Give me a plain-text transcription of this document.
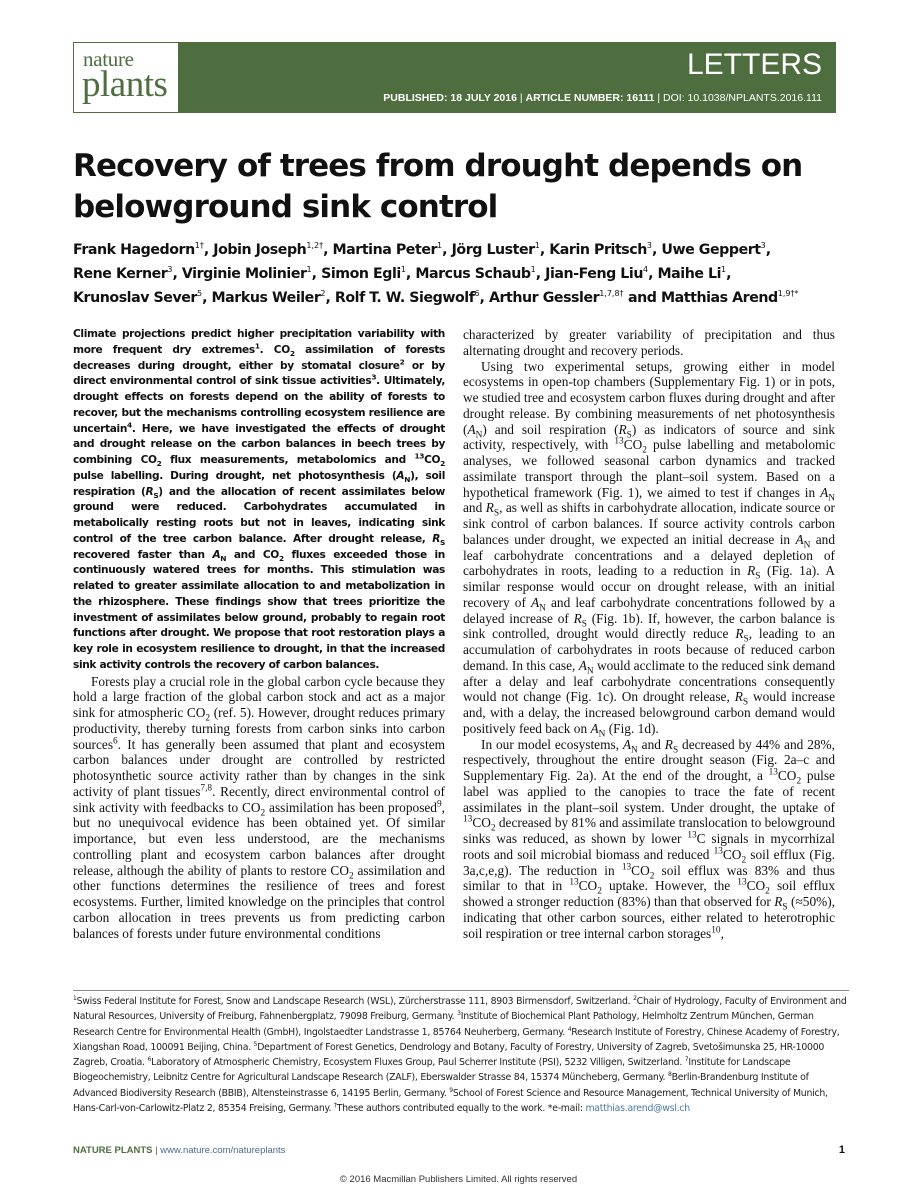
nature
plants	LETTERS
PUBLISHED: 18 JULY 2016 | ARTICLE NUMBER: 16111 | DOI: 10.1038/NPLANTS.2016.111
Recovery of trees from drought depends on
belowground sink control
Frank Hagedorn$^{1\dagger}$, Jobin Joseph$^{1,2\dagger}$, Martina Peter$^1$, Jörg Luster$^1$, Karin Pritsch$^3$, Uwe Geppert$^3$,
Rene Kerner$^3$, Virginie Molinier$^1$, Simon Egli$^1$, Marcus Schaub$^1$, Jian-Feng Liu$^4$, Maihe Li$^1$,
Krunoslav Sever$^5$, Markus Weiler$^2$, Rolf T. W. Siegwolf$^6$, Arthur Gessler$^{1,7,8\dagger}$ and Matthias Arend$^{1,9\dagger*}$

Climate projections predict higher precipitation variability with more frequent dry extremes$^1$. $CO_2$ assimilation of forests decreases during drought, either by stomatal closure$^2$ or by direct environmental control of sink tissue activities$^3$. Ultimately, drought effects on forests depend on the ability of forests to recover, but the mechanisms controlling ecosystem resilience are uncertain$^4$. Here, we have investigated the effects of drought and drought release on the carbon balances in beech trees by combining $CO_2$ flux measurements, metabolomics and $^{13}CO_2$ pulse labelling. During drought, net photosynthesis $(A_N)$, soil respiration $(R_S)$ and the allocation of recent assimilates below ground were reduced. Carbohydrates accumulated in metabolically resting roots but not in leaves, indicating sink control of the tree carbon balance. After drought release, $R_S$ recovered faster than $A_N$ and $CO_2$ fluxes exceeded those in continuously watered trees for months. This stimulation was related to greater assimilate allocation to and metabolization in the rhizosphere. These findings show that trees prioritize the investment of assimilates below ground, probably to regain root functions after drought. We propose that root restoration plays a key role in ecosystem resilience to drought, in that the increased sink activity controls the recovery of carbon balances.

Forests play a crucial role in the global carbon cycle because they hold a large fraction of the global carbon stock and act as a major sink for atmospheric $CO_2$ (ref. 5). However, drought reduces primary productivity, thereby turning forests from carbon sinks into carbon sources$^6$. It has generally been assumed that plant and ecosystem carbon balances under drought are controlled by restricted photosynthetic source activity rather than by changes in the sink activity of plant tissues$^{7,8}$. Recently, direct environmental control of sink activity with feedbacks to $CO_2$ assimilation has been proposed$^9$, but no unequivocal evidence has been obtained yet. Of similar importance, but even less understood, are the mechanisms controlling plant and ecosystem carbon balances after drought release, although the ability of plants to restore $CO_2$ assimilation and other functions determines the resilience of trees and forest ecosystems. Further, limited knowledge on the principles that control carbon allocation in trees prevents us from predicting carbon balances of forests under future environmental conditions

characterized by greater variability of precipitation and thus alternating drought and recovery periods.

Using two experimental setups, growing either in model ecosystems in open-top chambers (Supplementary Fig. 1) or in pots, we studied tree and ecosystem carbon fluxes during drought and after drought release. By combining measurements of net photosynthesis $(A_N)$ and soil respiration $(R_S)$ as indicators of source and sink activity, respectively, with $^{13}CO_2$ pulse labelling and metabolomic analyses, we followed seasonal carbon dynamics and tracked assimilate transport through the plant–soil system. Based on a hypothetical framework (Fig. 1), we aimed to test if changes in $A_N$ and $R_S$, as well as shifts in carbohydrate allocation, indicate source or sink control of carbon balances. If source activity controls carbon balances under drought, we expected an initial decrease in $A_N$ and leaf carbohydrate concentrations and a delayed depletion of carbohydrates in roots, leading to a reduction in $R_S$ (Fig. 1a). A similar response would occur on drought release, with an initial recovery of $A_N$ and leaf carbohydrate concentrations followed by a delayed increase of $R_S$ (Fig. 1b). If, however, the carbon balance is sink controlled, drought would directly reduce $R_S$, leading to an accumulation of carbohydrates in roots because of reduced carbon demand. In this case, $A_N$ would acclimate to the reduced sink demand after a delay and leaf carbohydrate concentrations consequently would not change (Fig. 1c). On drought release, $R_S$ would increase and, with a delay, the increased belowground carbon demand would positively feed back on $A_N$ (Fig. 1d).

In our model ecosystems, $A_N$ and $R_S$ decreased by 44% and 28%, respectively, throughout the entire drought season (Fig. 2a–c and Supplementary Fig. 2a). At the end of the drought, a $^{13}CO_2$ pulse label was applied to the canopies to trace the fate of recent assimilates in the plant–soil system. Under drought, the uptake of $^{13}CO_2$ decreased by 81% and assimilate translocation to belowground sinks was reduced, as shown by lower $^{13}$C signals in mycorrhizal roots and soil microbial biomass and reduced $^{13}CO_2$ soil efflux (Fig. 3a,c,e,g). The reduction in $^{13}CO_2$ soil efflux was 83% and thus similar to that in $^{13}CO_2$ uptake. However, the $^{13}CO_2$ soil efflux showed a stronger reduction (83%) than that observed for $R_S$ (≈50%), indicating that other carbon sources, either related to heterotrophic soil respiration or tree internal carbon storages$^{10}$,

$^1$Swiss Federal Institute for Forest, Snow and Landscape Research (WSL), Zürcherstrasse 111, 8903 Birmensdorf, Switzerland. $^2$Chair of Hydrology, Faculty of Environment and Natural Resources, University of Freiburg, Fahnenbergplatz, 79098 Freiburg, Germany. $^3$Institute of Biochemical Plant Pathology, Helmholtz Zentrum München, German Research Centre for Environmental Health (GmbH), Ingolstaedter Landstrasse 1, 85764 Neuherberg, Germany. $^4$Research Institute of Forestry, Chinese Academy of Forestry, Xiangshan Road, 100091 Beijing, China. $^5$Department of Forest Genetics, Dendrology and Botany, Faculty of Forestry, University of Zagreb, Svetošimunska 25, HR-10000 Zagreb, Croatia. $^6$Laboratory of Atmospheric Chemistry, Ecosystem Fluxes Group, Paul Scherrer Institute (PSI), 5232 Villigen, Switzerland. $^7$Institute for Landscape Biogeochemistry, Leibnitz Centre for Agricultural Landscape Research (ZALF), Eberswalder Strasse 84, 15374 Müncheberg, Germany. $^8$Berlin-Brandenburg Institute of Advanced Biodiversity Research (BBIB), Altensteinstrasse 6, 14195 Berlin, Germany. $^9$School of Forest Science and Resource Management, Technical University of Munich, Hans-Carl-von-Carlowitz-Platz 2, 85354 Freising, Germany. †These authors contributed equally to the work. *e-mail: matthias.arend@wsl.ch
NATURE PLANTS | www.nature.com/natureplants	1
© 2016 Macmillan Publishers Limited. All rights reserved
